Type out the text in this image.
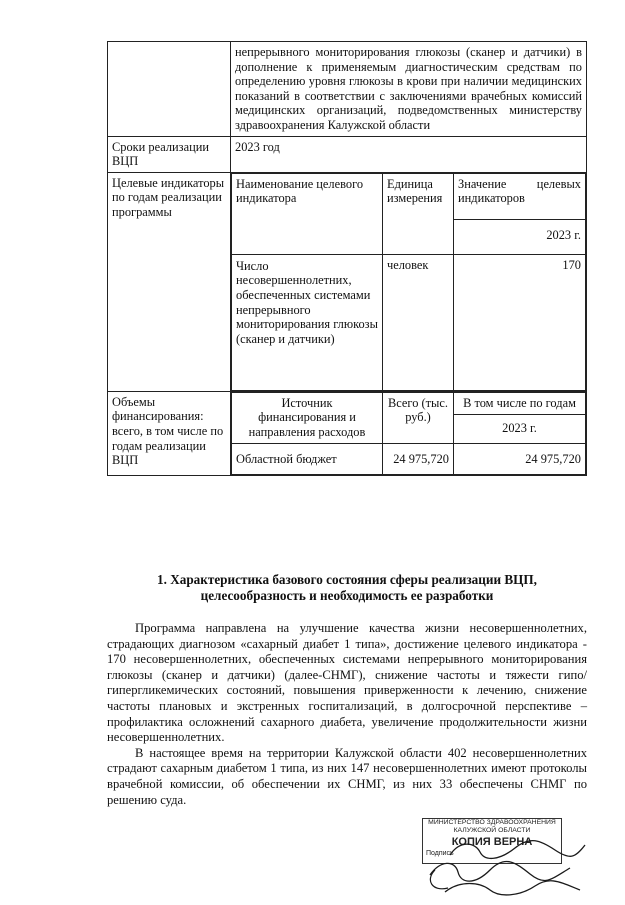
	непрерывного мониторирования глюкозы (сканер и датчики) в дополнение к применяемым диагностическим средствам по определению уровня глюкозы в крови при наличии медицинских показаний в соответствии с заключениями врачебных комиссий медицинских организаций, подведомственных министерству здравоохранения Калужской области
Сроки реализации ВЦП	2023 год
Целевые индикаторы по годам реализации программы	
Наименование целевого индикатора	Единица измерения	Значение целевых индикаторов
2023 г.
Число несовершеннолетних, обеспеченных системами непрерывного мониторирования глюкозы (сканер и датчики)	человек	170

Объемы финансирования: всего, в том числе по годам реализации ВЦП	
Источник финансирования и направления расходов	Всего (тыс. руб.)	В том числе по годам
2023 г.
Областной бюджет	24 975,720	24 975,720
1. Характеристика базового состояния сферы реализации ВЦП, целесообразность и необходимость ее разработки

Программа направлена на улучшение качества жизни несовершеннолетних, страдающих диагнозом «сахарный диабет 1 типа», достижение целевого индикатора - 170 несовершеннолетних, обеспеченных системами непрерывного мониторирования глюкозы (сканер и датчики) (далее-СНМГ), снижение частоты и тяжести гипо/гипергликемических состояний, повышения приверженности к лечению, снижение частоты плановых и экстренных госпитализаций, в долгосрочной перспективе – профилактика осложнений сахарного диабета, увеличение продолжительности жизни несовершеннолетних.

В настоящее время на территории Калужской области 402 несовершеннолетних страдают сахарным диабетом 1 типа, из них 147 несовершеннолетних имеют протоколы врачебной комиссии, об обеспечении их СНМГ, из них 33 обеспечены СНМГ по решению суда.

МИНИСТЕРСТВО ЗДРАВООХРАНЕНИЯ
КАЛУЖСКОЙ ОБЛАСТИ
КОПИЯ ВЕРНА
Подпись
